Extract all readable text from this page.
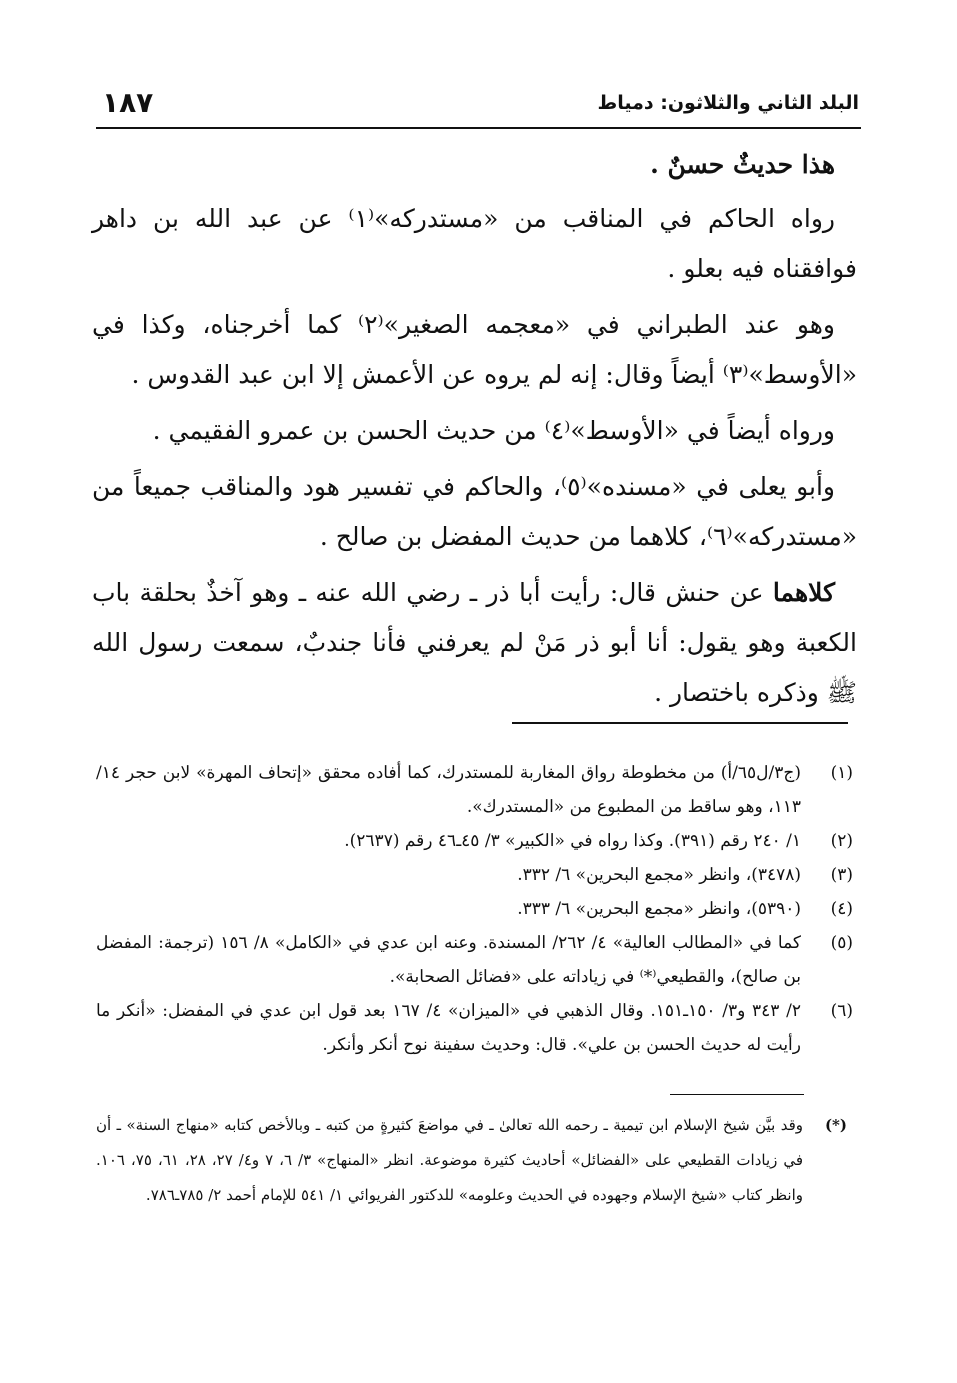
البلد الثاني والثلاثون: دمياط
١٨٧

هذا حديثٌ حسنٌ .

رواه الحاكم في المناقب من «مستدركه»⁽١⁾ عن عبد الله بن داهر فوافقناه فيه بعلو .

وهو عند الطبراني في «معجمه الصغير»⁽٢⁾ كما أخرجناه، وكذا في «الأوسط»⁽٣⁾ أيضاً وقال: إنه لم يروه عن الأعمش إلا ابن عبد القدوس .

ورواه أيضاً في «الأوسط»⁽٤⁾ من حديث الحسن بن عمرو الفقيمي .

وأبو يعلى في «مسنده»⁽٥⁾، والحاكم في تفسير هود والمناقب جميعاً من «مستدركه»⁽٦⁾، كلاهما من حديث المفضل بن صالح .

كلاهما عن حنش قال: رأيت أبا ذر ـ رضي الله عنه ـ وهو آخذٌ بحلقة باب الكعبة وهو يقول: أنا أبو ذر مَنْ لم يعرفني فأنا جندبٌ، سمعت رسول الله ﷺ وذكره باختصار .

(١)
(ج٣/ل٦٥/أ) من مخطوطة رواق المغاربة للمستدرك، كما أفاده محقق «إتحاف المهرة» لابن حجر ١٤/ ١١٣، وهو ساقط من المطبوع من «المستدرك».

(٢)
١/ ٢٤٠ رقم (٣٩١). وكذا رواه في «الكبير» ٣/ ٤٥ـ٤٦ رقم (٢٦٣٧).

(٣)
(٣٤٧٨)، وانظر «مجمع البحرين» ٦/ ٣٣٢.

(٤)
(٥٣٩٠)، وانظر «مجمع البحرين» ٦/ ٣٣٣.

(٥)
كما في «المطالب العالية» ٤/ ٢٦٢/ المسندة. وعنه ابن عدي في «الكامل» ٨/ ١٥٦ (ترجمة: المفضل بن صالح)، والقطيعي⁽*⁾ في زياداته على «فضائل الصحابة».

(٦)
٢/ ٣٤٣ و٣/ ١٥٠ـ١٥١. وقال الذهبي في «الميزان» ٤/ ١٦٧ بعد قول ابن عدي في المفضل: «أنكر ما رأيت له حديث الحسن بن علي». قال: وحديث سفينة نوح أنكر وأنكر.

(*)
وقد بيَّن شيخ الإسلام ابن تيمية ـ رحمه الله تعالىٰ ـ في مواضعَ كثيرةٍ من كتبه ـ وبالأخص كتابه «منهاج السنة» ـ أن في زيادات القطيعي على «الفضائل» أحاديث كثيرة موضوعة. انظر «المنهاج» ٣/ ٦، ٧ و٤/ ٢٧، ٢٨، ٦١، ٧٥، ١٠٦. وانظر كتاب «شيخ الإسلام وجهوده في الحديث وعلومه» للدكتور الفريوائي ١/ ٥٤١ للإمام أحمد ٢/ ٧٨٥ـ٧٨٦.
